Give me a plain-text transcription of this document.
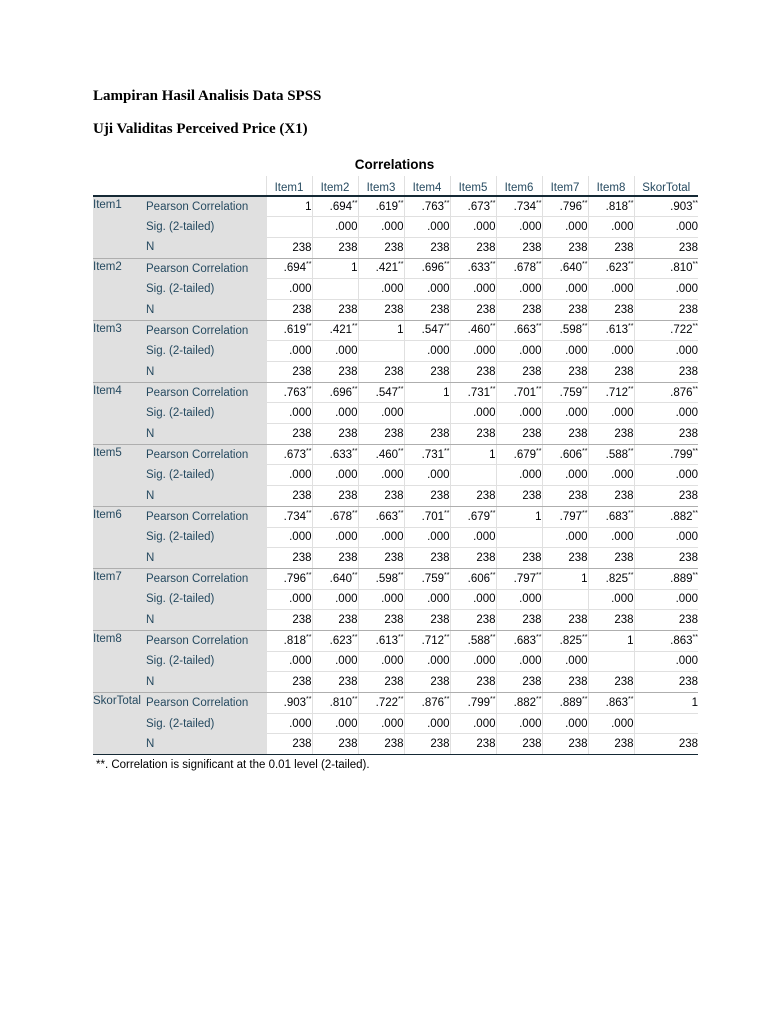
Lampiran Hasil Analisis Data SPSS
Uji Validitas Perceived Price (X1)
Correlations
		Item1	Item2	Item3	Item4	Item5	Item6	Item7	Item8	SkorTotal
Item1	Pearson Correlation	1	.694**	.619**	.763**	.673**	.734**	.796**	.818**	.903**
	Sig. (2-tailed)		.000	.000	.000	.000	.000	.000	.000	.000
	N	238	238	238	238	238	238	238	238	238
Item2	Pearson Correlation	.694**	1	.421**	.696**	.633**	.678**	.640**	.623**	.810**
	Sig. (2-tailed)	.000		.000	.000	.000	.000	.000	.000	.000
	N	238	238	238	238	238	238	238	238	238
Item3	Pearson Correlation	.619**	.421**	1	.547**	.460**	.663**	.598**	.613**	.722**
	Sig. (2-tailed)	.000	.000		.000	.000	.000	.000	.000	.000
	N	238	238	238	238	238	238	238	238	238
Item4	Pearson Correlation	.763**	.696**	.547**	1	.731**	.701**	.759**	.712**	.876**
	Sig. (2-tailed)	.000	.000	.000		.000	.000	.000	.000	.000
	N	238	238	238	238	238	238	238	238	238
Item5	Pearson Correlation	.673**	.633**	.460**	.731**	1	.679**	.606**	.588**	.799**
	Sig. (2-tailed)	.000	.000	.000	.000		.000	.000	.000	.000
	N	238	238	238	238	238	238	238	238	238
Item6	Pearson Correlation	.734**	.678**	.663**	.701**	.679**	1	.797**	.683**	.882**
	Sig. (2-tailed)	.000	.000	.000	.000	.000		.000	.000	.000
	N	238	238	238	238	238	238	238	238	238
Item7	Pearson Correlation	.796**	.640**	.598**	.759**	.606**	.797**	1	.825**	.889**
	Sig. (2-tailed)	.000	.000	.000	.000	.000	.000		.000	.000
	N	238	238	238	238	238	238	238	238	238
Item8	Pearson Correlation	.818**	.623**	.613**	.712**	.588**	.683**	.825**	1	.863**
	Sig. (2-tailed)	.000	.000	.000	.000	.000	.000	.000		.000
	N	238	238	238	238	238	238	238	238	238
SkorTotal	Pearson Correlation	.903**	.810**	.722**	.876**	.799**	.882**	.889**	.863**	1
	Sig. (2-tailed)	.000	.000	.000	.000	.000	.000	.000	.000	
	N	238	238	238	238	238	238	238	238	238
**. Correlation is significant at the 0.01 level (2-tailed).
